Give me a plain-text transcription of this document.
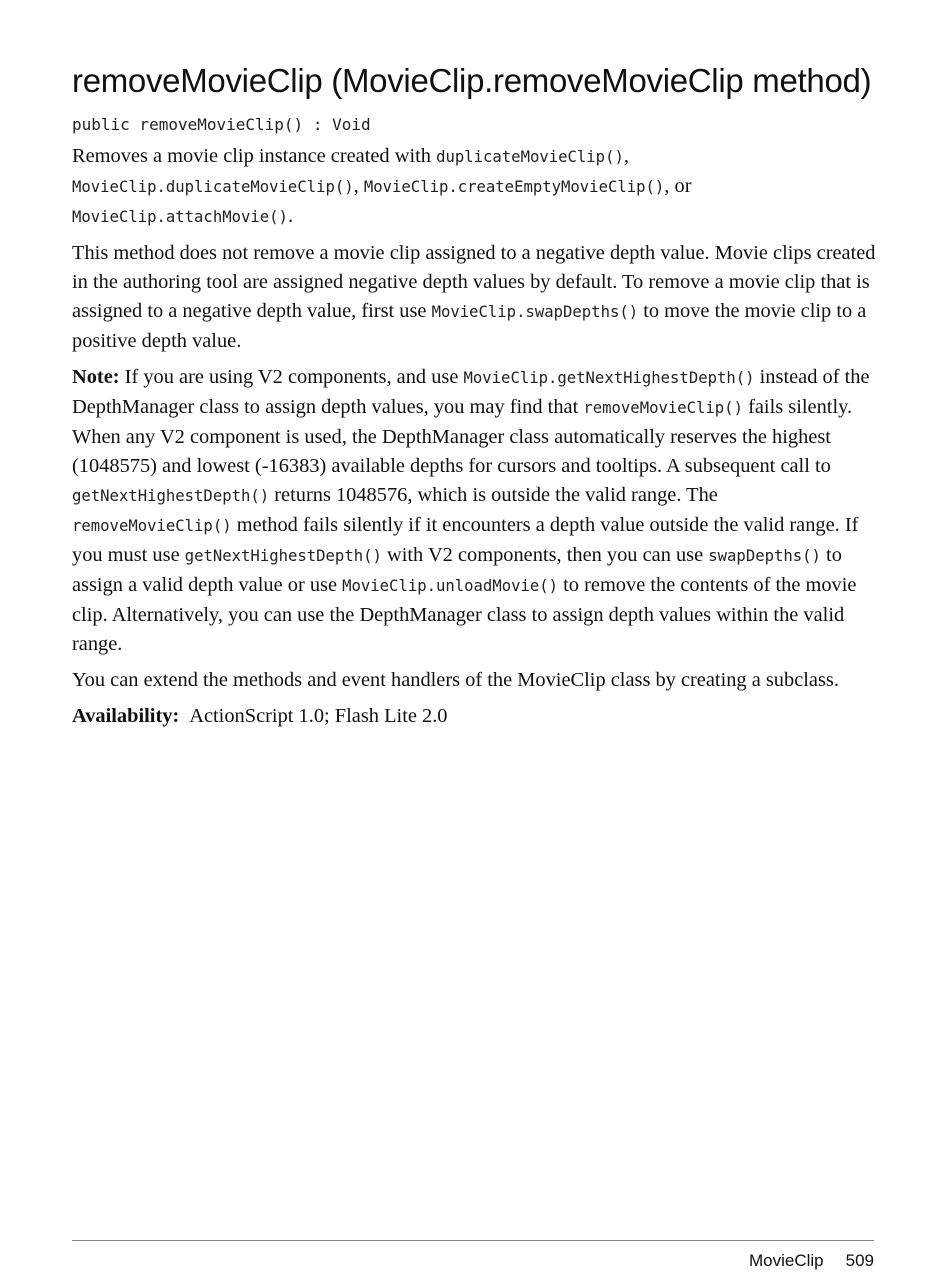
removeMovieClip (MovieClip.removeMovieClip method)
public removeMovieClip() : Void

Removes a movie clip instance created with duplicateMovieClip(), MovieClip.duplicateMovieClip(), MovieClip.createEmptyMovieClip(), or MovieClip.attachMovie().

This method does not remove a movie clip assigned to a negative depth value. Movie clips created in the authoring tool are assigned negative depth values by default. To remove a movie clip that is assigned to a negative depth value, first use MovieClip.swapDepths() to move the movie clip to a positive depth value.

Note: If you are using V2 components, and use MovieClip.getNextHighestDepth() instead of the DepthManager class to assign depth values, you may find that removeMovieClip() fails silently. When any V2 component is used, the DepthManager class automatically reserves the highest (1048575) and lowest (-16383) available depths for cursors and tooltips. A subsequent call to getNextHighestDepth() returns 1048576, which is outside the valid range. The removeMovieClip() method fails silently if it encounters a depth value outside the valid range. If you must use getNextHighestDepth() with V2 components, then you can use swapDepths() to assign a valid depth value or use MovieClip.unloadMovie() to remove the contents of the movie clip. Alternatively, you can use the DepthManager class to assign depth values within the valid range.

You can extend the methods and event handlers of the MovieClip class by creating a subclass.

Availability: ActionScript 1.0; Flash Lite 2.0

MovieClip 509
